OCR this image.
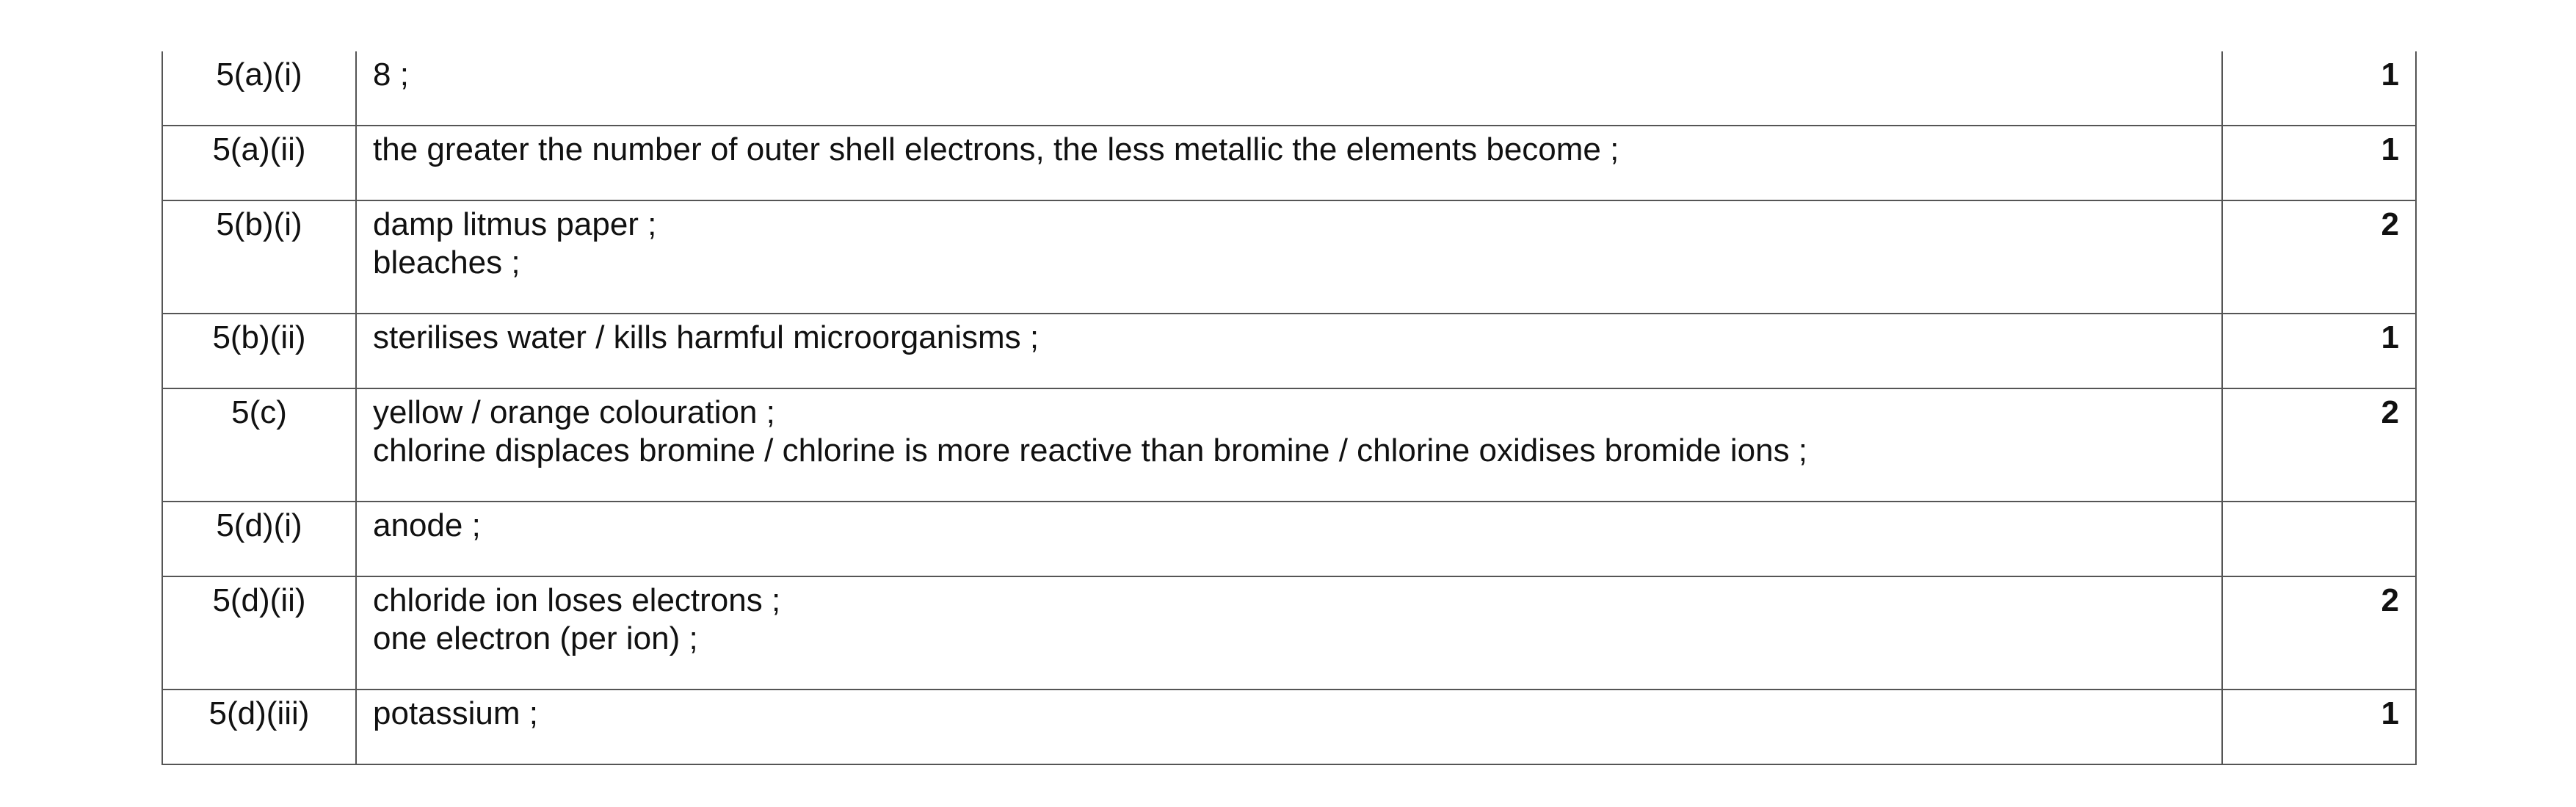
5(a)(i)	8 ;	1
5(a)(ii)	the greater the number of outer shell electrons, the less metallic the elements become ;	1
5(b)(i)	damp litmus paper ;
bleaches ;	2
5(b)(ii)	sterilises water / kills harmful microorganisms ;	1
5(c)	yellow / orange colouration ;
chlorine displaces bromine / chlorine is more reactive than bromine / chlorine oxidises bromide ions ;	2
5(d)(i)	anode ;	

5(d)(ii)	chloride ion loses electrons ;
one electron (per ion) ;	2
5(d)(iii)	potassium ;	1
